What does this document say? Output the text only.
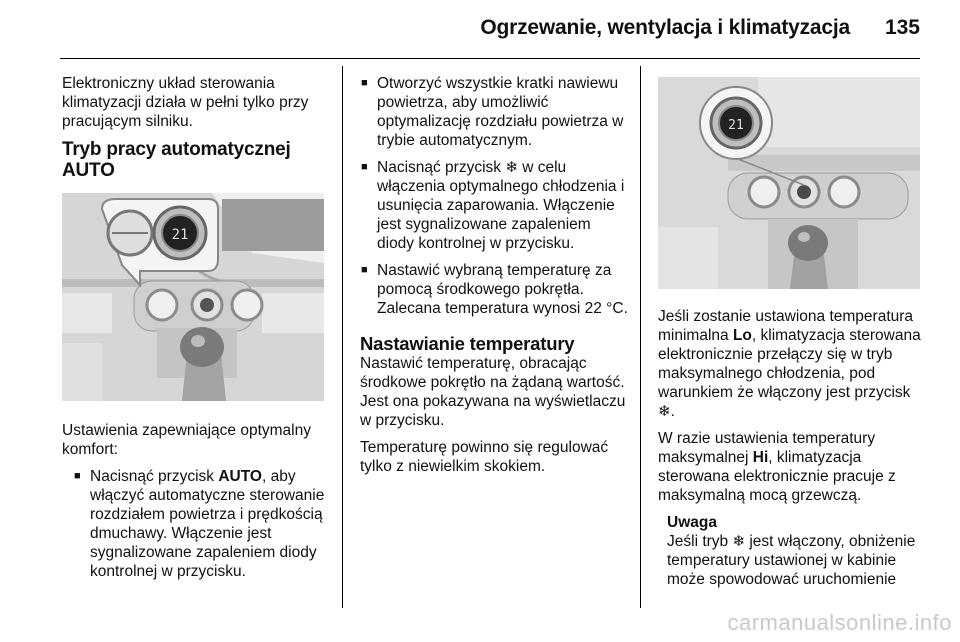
Ogrzewanie, wentylacja i klimatyzacja 135

Elektroniczny układ sterowania klimatyzacji działa w pełni tylko przy pracującym silniku.

Tryb pracy automatycznej AUTO
21

Ustawienia zapewniające optymalny komfort:

■ Nacisnąć przycisk AUTO, aby włączyć automatyczne sterowanie rozdziałem powietrza i prędkością dmuchawy. Włączenie jest sygnalizowane zapaleniem diody kontrolnej w przycisku.
■ Otworzyć wszystkie kratki nawiewu powietrza, aby umożliwić optymalizację rozdziału powietrza w trybie automatycznym.
■ Nacisnąć przycisk ❄ w celu włączenia optymalnego chłodzenia i usunięcia zaparowania. Włączenie jest sygnalizowane zapaleniem diody kontrolnej w przycisku.
■ Nastawić wybraną temperaturę za pomocą środkowego pokrętła. Zalecana temperatura wynosi 22 °C.
Nastawianie temperatury

Nastawić temperaturę, obracając środkowe pokrętło na żądaną wartość. Jest ona pokazywana na wyświetlaczu w przycisku.

Temperaturę powinno się regulować tylko z niewielkim skokiem.

21

Jeśli zostanie ustawiona temperatura minimalna Lo, klimatyzacja sterowana elektronicznie przełączy się w tryb maksymalnego chłodzenia, pod warunkiem że włączony jest przycisk ❄.

W razie ustawienia temperatury maksymalnej Hi, klimatyzacja sterowana elektronicznie pracuje z maksymalną mocą grzewczą.

Uwaga
Jeśli tryb ❄ jest włączony, obniżenie temperatury ustawionej w kabinie może spowodować uruchomienie
carmanualsonline.info
